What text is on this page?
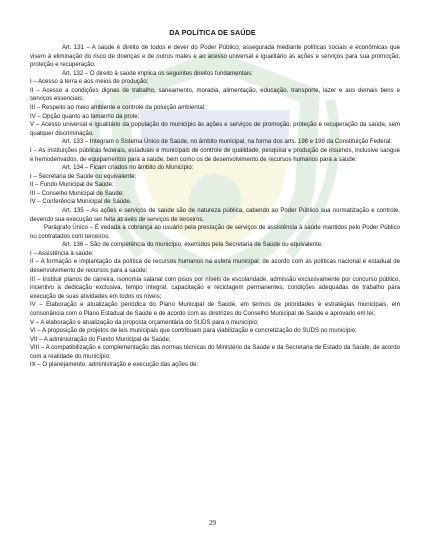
DA POLÍTICA DE SAÚDE

Art. 131 – A saúde é direito de todos e dever do Poder Público, assegurada mediante políticas sociais e econômicas que visem à eliminação do risco de doenças e de outros males e ao acesso universal e igualitário às ações e serviços para sua promoção, proteção e recuperação.

Art. 132 – O direito à saúde implica os seguintes direitos fundamentais:

I – Acesso à terra e aos meios de produção;

II – Acesso a condições dignas de trabalho, saneamento, moradia, alimentação, educação, transporte, lazer e aos demais bens e serviços essenciais;

III – Respeito ao meio ambiente e controle da poluição ambiental;

IV – Opção quanto ao tamanho da prole;

V – Acesso universal e igualitário da população do município às ações e serviços de promoção, proteção e recuperação da saúde, sem qualquer discriminação.

Art. 133 – Integram o Sistema Único de Saúde, no âmbito municipal, na forma dos arts. 198 e 199 da Constituição Federal:

I – As instituições públicas federais, estaduais e municipais de controle de qualidade, pesquisa e produção de insumos, inclusive sangue e hemoderivados, de equipamentos para a saúde, bem como os de desenvolvimento de recursos humanos para a saúde.

Art. 134 – Ficam criados no âmbito do Município:

I – Secretaria de Saúde ou equivalente;

II – Fundo Municipal de Saúde;

III – Conselho Municipal de Saúde;

IV – Conferência Municipal de Saúde.

Art. 135 – As ações e serviços de saúde são de natureza pública, cabendo ao Poder Público sua normatização e controle, devendo sua execução ser feita através de serviços de terceiros.

Parágrafo Único – É vedada a cobrança ao usuário pela prestação de serviços de assistência à saúde mantidos pelo Poder Público ou contratados com terceiros.

Art. 136 – São de competência do município, exercidos pela Secretaria de Saúde ou equivalente:

I – Assistência à saúde;

II – A formação e implantação da política de recursos humanos na esfera municipal, de acordo com as políticas nacional e estadual de desenvolvimento de recursos para a saúde;

III – Instituir planos de carreira, isonomia salarial com pisos por níveis de escolaridade, admissão exclusivamente por concurso público, incentivo à dedicação exclusiva, tempo integral, capacitação e reciclagem permanentes, condições adequadas de trabalho para execução de suas atividades em todos os níveis;

IV – Elaboração e atualização periódica do Plano Municipal de Saúde, em termos de prioridades e estratégias municipais, em consonância com o Plano Estadual de Saúde e de acordo com as diretrizes do Conselho Municipal de Saúde e aprovado em lei;

V – A elaboração e atualização da proposta orçamentária do SUDS para o município;

VI – A proposição de projetos de leis municipais que contribuam para viabilização e concretização do SUDS no município;

VII – A administração do Fundo Municipal de Saúde;

VIII – A compatibilização e complementação das normas técnicas do Ministério da Saúde e da Secretaria de Estado da Saúde, de acordo com a realidade do município;

IX – O planejamento, administração e execução das ações de:

29
